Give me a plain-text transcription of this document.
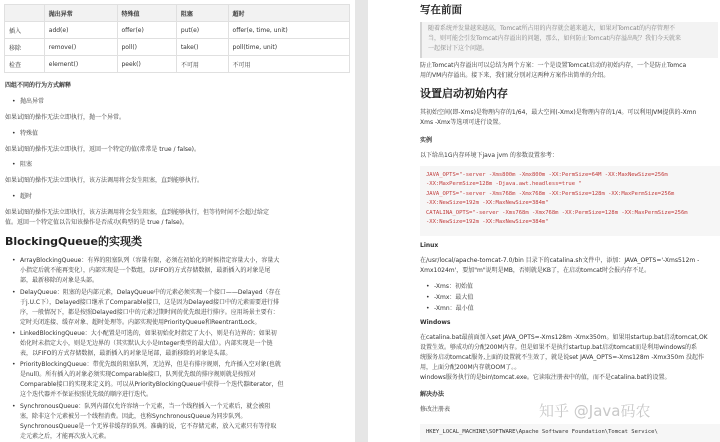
	抛出异常	特殊值	阻塞	超时
插入	add(e)	offer(e)	put(e)	offer(e, time, unit)
移除	remove()	poll()	take()	poll(time, unit)
检查	element()	peek()	不可用	不可用

四组不同的行为方式解释

• 抛出异常

如果试图的操作无法立即执行，抛一个异常。

• 特殊值

如果试图的操作无法立即执行，返回一个特定的值(常常是 true / false)。

• 阻塞

如果试图的操作无法立即执行，该方法调用将会发生阻塞，直到能够执行。

• 超时

如果试图的操作无法立即执行，该方法调用将会发生阻塞，直到能够执行，但等待时间不会超过给定

值。返回一个特定值以告知该操作是否成功(典型的是 true / false)。

BlockingQueue的实现类
• ArrayBlockingQueue：有界的阻塞队列（容量有限，必须在初始化的时候指定容量大小，容量大

小指定后就不能再变化），内部实现是一个数组，以FIFO的方式存储数据，最新插入的对象是尾

部，最新移除的对象是头部。

• DelayQueue：阻塞的是内部元素，DelayQueue中的元素必须实现一个接口——Delayed（存在

于j.U.C下），Delayed接口继承了Comparable接口，这是因为Delayed接口中的元素需要进行排

序，一般情况下，都是按照Delayed接口中的元素过期时间的优先级进行排序。应用场景主要有：

定时关闭连接、缓存对象、超时处理等。内部实现使用PriorityQueue和ReentrantLock。

• LinkedBlockingQueue：大小配置是可选的，如果初始化时指定了大小，则是有边界的；如果初

始化时未指定大小，则是无边界的（其实默认大小是Integer类型的最大值）。内部实现是一个链

表，以FIFO的方式存储数据，最新插入的对象是尾部，最新移除的对象是头部。

• PriorityBlockingQueue：带优先级的阻塞队列，无边界，但是有排序规则，允许插入空对象(也就

是null)。所有插入的对象必须实现Comparable接口，队列优先级的排序规则就是按照对

Comparable接口的实现来定义的。可以从PriorityBlockingQueue中获得一个迭代器Iterator，但

这个迭代器并不保证按照优先级的顺序进行迭代。

• SynchronousQueue：队列内部仅允许容纳一个元素，当一个线程插入一个元素后，就会被阻

塞，除非这个元素被另一个线程消费。因此，也称SynchronousQueue为同步队列。

SynchronousQueue是一个无界非缓存的队列。准确的说，它不存储元素，放入元素只有等待取

走元素之后，才能再次放入元素。

写在前面

随着系统并发量越来越高，Tomcat所占用的内存就会越来越大，如果对Tomcat的内存管理不

当，则可能会引发Tomcat内存溢出的问题，那么，如何防止Tomcat内存溢出呢？我们今天就来

一起探讨下这个问题。

防止Tomcat内存溢出可以总结为两个方案：一个是设置Tomcat启动的初始内存，一个是防止Tomca

用的VM内存溢出。接下来，我们就分别对这两种方案作出简单的介绍。

设置启动初始内存

其初始空间(即-Xms)是物理内存的1/64，最大空间(-Xmx)是物理内存的1/4。可以利用JVM提供的-Xmn

Xms -Xmx等选项可进行设置。

实例

以下给出1G内存环境下java jvm 的参数设置参考：

JAVA_OPTS="-server -Xms800m -Xmx800m -XX:PermSize=64M -XX:MaxNewSize=256m
-XX:MaxPermSize=128m -Djava.awt.headless=true "
JAVA_OPTS="-server -Xms768m -Xmx768m -XX:PermSize=128m -XX:MaxPermSize=256m
-XX:NewSize=192m -XX:MaxNewSize=384m"
CATALINA_OPTS="-server -Xms768m -Xmx768m -XX:PermSize=128m -XX:MaxPermSize=256m
-XX:NewSize=192m -XX:MaxNewSize=384m"

Linux

在/usr/local/apache-tomcat-7.0/bin 目录下的catalina.sh文件中，添加：JAVA_OPTS='-Xms512m -

Xmx1024m'，要加"m"说明是MB，否则就是KB了，在启动tomcat时会报内存不足。

• -Xms：初始值
• -Xmx：最大值
• -Xmn：最小值

Windows

在catalina.bat最前面加入set JAVA_OPTS=-Xms128m -Xmx350m。如果用startup.bat启动tomcat,OK

设置生效。够成功的分配200M内存。但是如果不是执行startup.bat启动tomcat而是利用windows的系

统服务启动tomcat服务,上面的设置就不生效了，就是说set JAVA_OPTS=-Xms128m -Xmx350m 没起作

用，上面分配200M内存就OOM了。。

windows服务执行的是bin\tomcat.exe。它读取注册表中的值，而不是catalina.bat的设置。

解决办法

修改注册表

HKEY_LOCAL_MACHINE\SOFTWARE\Apache Software Foundation\Tomcat Service\
知乎 @Java码农
